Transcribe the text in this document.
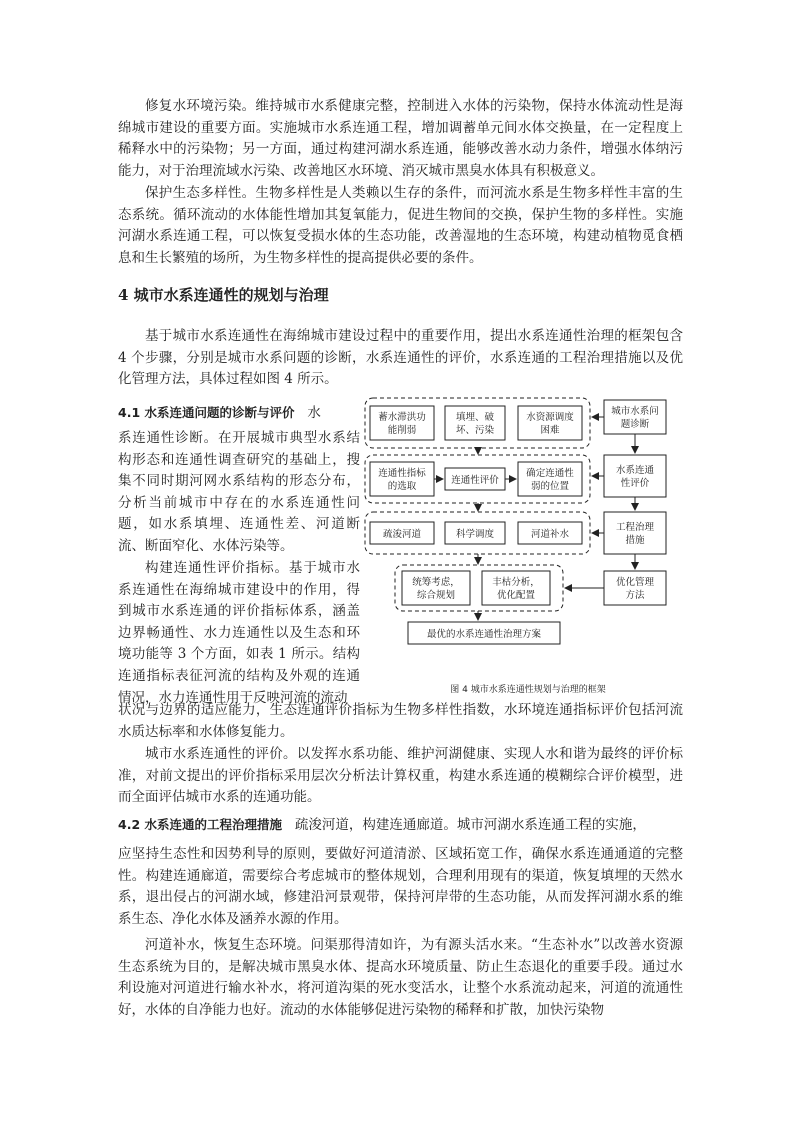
修复水环境污染。维持城市水系健康完整，控制进入水体的污染物，保持水体流动性是海绵城市建设的重要方面。实施城市水系连通工程，增加调蓄单元间水体交换量，在一定程度上稀释水中的污染物；另一方面，通过构建河湖水系连通，能够改善水动力条件，增强水体纳污能力，对于治理流域水污染、改善地区水环境、消灭城市黑臭水体具有积极意义。

保护生态多样性。生物多样性是人类赖以生存的条件，而河流水系是生物多样性丰富的生态系统。循环流动的水体能性增加其复氧能力，促进生物间的交换，保护生物的多样性。实施河湖水系连通工程，可以恢复受损水体的生态功能，改善湿地的生态环境，构建动植物觅食栖息和生长繁殖的场所，为生物多样性的提高提供必要的条件。

4 城市水系连通性的规划与治理

基于城市水系连通性在海绵城市建设过程中的重要作用，提出水系连通性治理的框架包含 4 个步骤，分别是城市水系问题的诊断，水系连通性的评价，水系连通的工程治理措施以及优化管理方法，具体过程如图 4 所示。

4.1 水系连通问题的诊断与评价 水

系连通性诊断。在开展城市典型水系结构形态和连通性调查研究的基础上，搜集不同时期河网水系结构的形态分布，分析当前城市中存在的水系连通性问题，如水系填埋、连通性差、河道断流、断面窄化、水体污染等。

构建连通性评价指标。基于城市水系连通性在海绵城市建设中的作用，得到城市水系连通的评价指标体系，涵盖边界畅通性、水力连通性以及生态和环境功能等 3 个方面，如表 1 所示。结构连通指标表征河流的结构及外观的连通情况，水力连通性用于反映河流的流动

蓄水滞洪功
能削弱
填埋、破
坏、污染
水资源调度
困难
连通性指标
的选取
连通性评价
确定连通性
弱的位置
疏浚河道	科学调度	河道补水
统筹考虑，
综合规划
丰枯分析，
优化配置
最优的水系连通性治理方案
城市水系问
题诊断
水系连通
性评价
工程治理
措施
优化管理
方法
图 4 城市水系连通性规划与治理的框架

状况与边界的适应能力，生态连通评价指标为生物多样性指数，水环境连通指标评价包括河流水质达标率和水体修复能力。

城市水系连通性的评价。以发挥水系功能、维护河湖健康、实现人水和谐为最终的评价标准，对前文提出的评价指标采用层次分析法计算权重，构建水系连通的模糊综合评价模型，进而全面评估城市水系的连通功能。

4.2 水系连通的工程治理措施 疏浚河道，构建连通廊道。城市河湖水系连通工程的实施，

应坚持生态性和因势利导的原则，要做好河道清淤、区域拓宽工作，确保水系连通通道的完整性。构建连通廊道，需要综合考虑城市的整体规划，合理利用现有的渠道，恢复填埋的天然水系，退出侵占的河湖水域，修建沿河景观带，保持河岸带的生态功能，从而发挥河湖水系的维系生态、净化水体及涵养水源的作用。

河道补水，恢复生态环境。问渠那得清如许，为有源头活水来。“生态补水”以改善水资源生态系统为目的，是解决城市黑臭水体、提高水环境质量、防止生态退化的重要手段。通过水利设施对河道进行输水补水，将河道沟渠的死水变活水，让整个水系流动起来，河道的流通性好，水体的自净能力也好。流动的水体能够促进污染物的稀释和扩散，加快污染物
